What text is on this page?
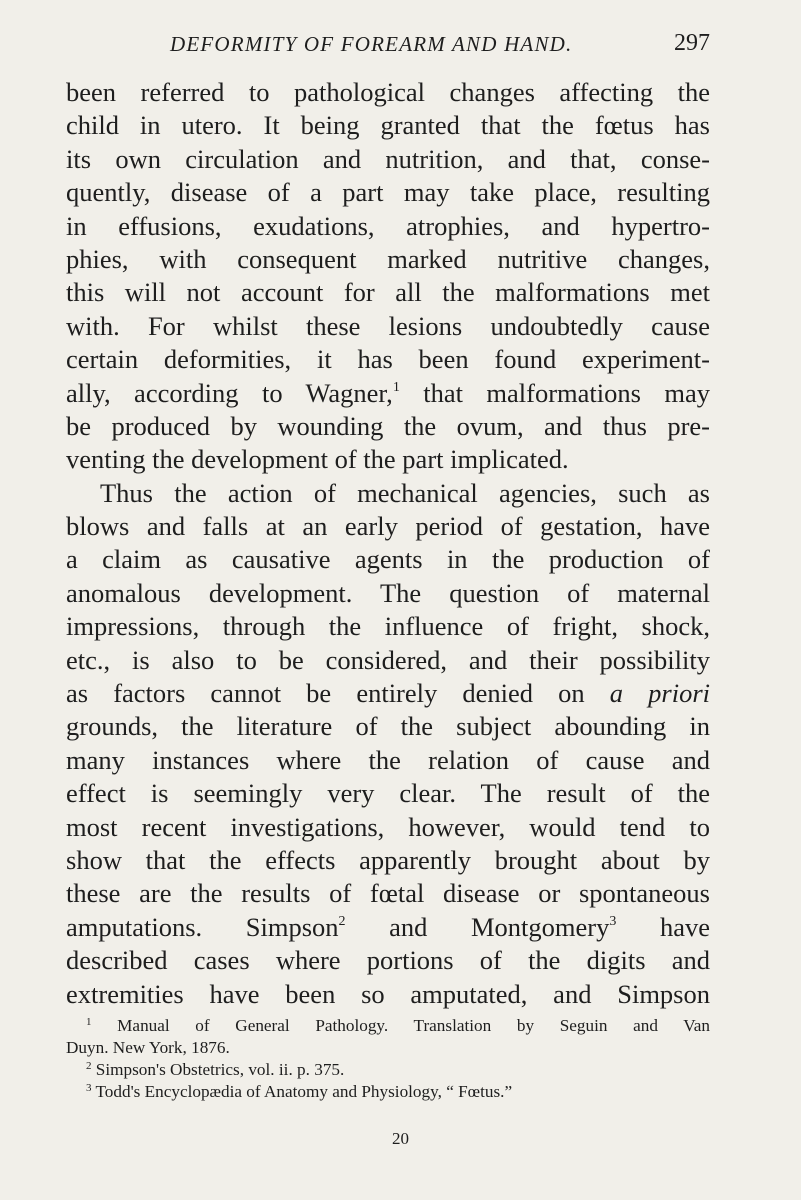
DEFORMITY OF FOREARM AND HAND.	297
been referred to pathological changes affecting the
child in utero. It being granted that the fœtus has
its own circulation and nutrition, and that, conse-
quently, disease of a part may take place, resulting
in effusions, exudations, atrophies, and hypertro-
phies, with consequent marked nutritive changes,
this will not account for all the malformations met
with. For whilst these lesions undoubtedly cause
certain deformities, it has been found experiment-
ally, according to Wagner,$^1$ that malformations may
be produced by wounding the ovum, and thus pre-
venting the development of the part implicated.
Thus the action of mechanical agencies, such as
blows and falls at an early period of gestation, have
a claim as causative agents in the production of
anomalous development. The question of maternal
impressions, through the influence of fright, shock,
etc., is also to be considered, and their possibility
as factors cannot be entirely denied on a priori
grounds, the literature of the subject abounding in
many instances where the relation of cause and
effect is seemingly very clear. The result of the
most recent investigations, however, would tend to
show that the effects apparently brought about by
these are the results of fœtal disease or spontaneous
amputations. Simpson$^2$ and Montgomery$^3$ have
described cases where portions of the digits and
extremities have been so amputated, and Simpson
$^1$ Manual of General Pathology. Translation by Seguin and Van
Duyn. New York, 1876.
$^2$ Simpson's Obstetrics, vol. ii. p. 375.
$^3$ Todd's Encyclopædia of Anatomy and Physiology, “ Fœtus.”
20
